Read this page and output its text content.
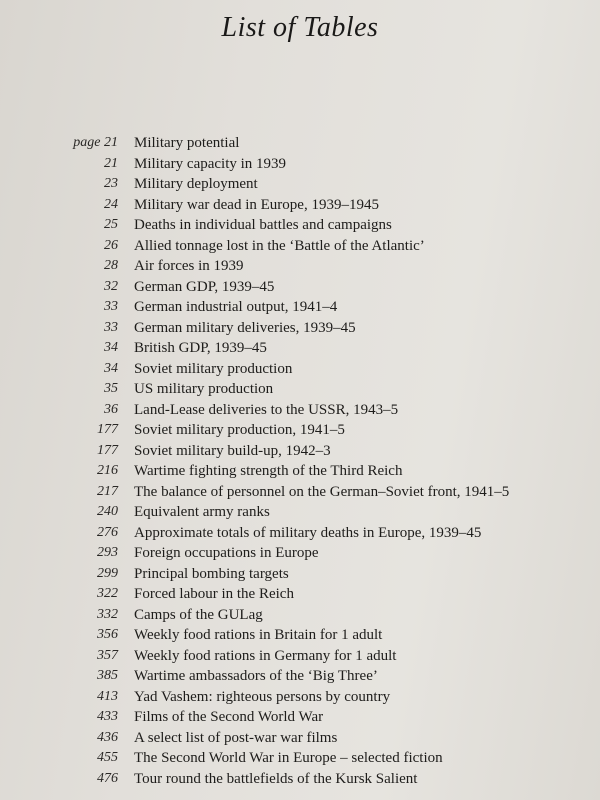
List of Tables
page 21 Military potential
21 Military capacity in 1939
23 Military deployment
24 Military war dead in Europe, 1939–1945
25 Deaths in individual battles and campaigns
26 Allied tonnage lost in the ‘Battle of the Atlantic’
28 Air forces in 1939
32 German GDP, 1939–45
33 German industrial output, 1941–4
33 German military deliveries, 1939–45
34 British GDP, 1939–45
34 Soviet military production
35 US military production
36 Land-Lease deliveries to the USSR, 1943–5
177 Soviet military production, 1941–5
177 Soviet military build-up, 1942–3
216 Wartime fighting strength of the Third Reich
217 The balance of personnel on the German–Soviet front, 1941–5
240 Equivalent army ranks
276 Approximate totals of military deaths in Europe, 1939–45
293 Foreign occupations in Europe
299 Principal bombing targets
322 Forced labour in the Reich
332 Camps of the GULag
356 Weekly food rations in Britain for 1 adult
357 Weekly food rations in Germany for 1 adult
385 Wartime ambassadors of the ‘Big Three’
413 Yad Vashem: righteous persons by country
433 Films of the Second World War
436 A select list of post-war war films
455 The Second World War in Europe – selected fiction
476 Tour round the battlefields of the Kursk Salient
